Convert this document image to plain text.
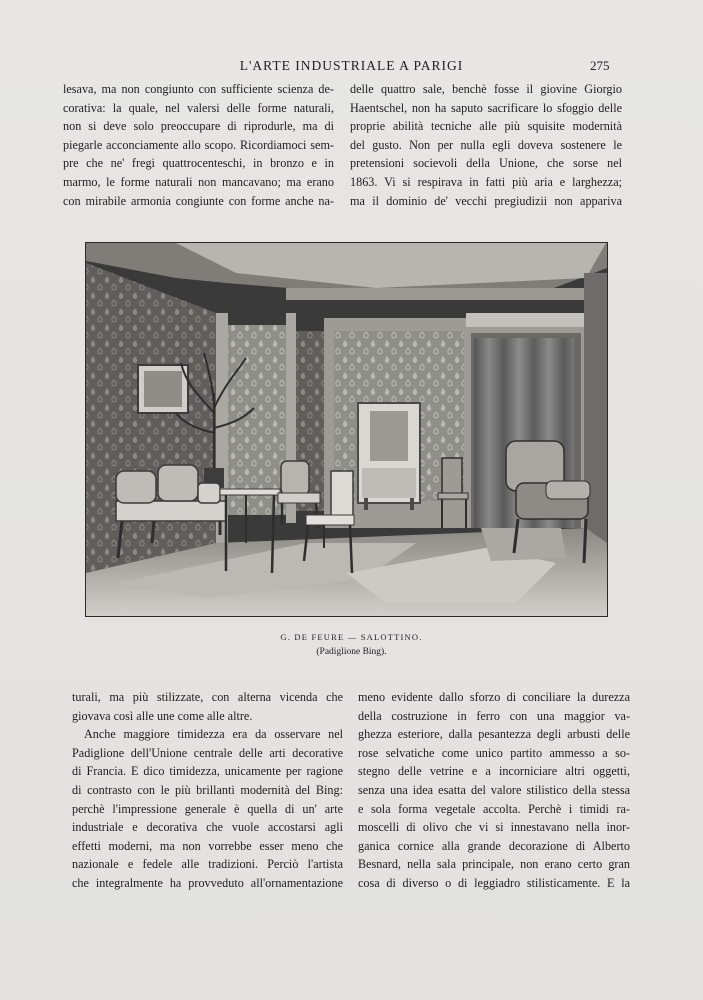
L'ARTE INDUSTRIALE A PARIGI	275

lesava, ma non congiunto con sufficiente scienza de-
corativa: la quale, nel valersi delle forme naturali,
non si deve solo preoccupare di riprodurle, ma di
piegarle acconciamente allo scopo. Ricordiamoci sem-
pre che ne' fregi quattrocenteschi, in bronzo e in
marmo, le forme naturali non mancavano; ma erano
con mirabile armonia congiunte con forme anche na-

delle quattro sale, benchè fosse il giovine Giorgio
Haentschel, non ha saputo sacrificare lo sfoggio delle
proprie abilità tecniche alle più squisite modernità
del gusto. Non per nulla egli doveva sostenere le
pretensioni socievoli della Unione, che sorse nel
1863. Vi si respirava in fatti più aria e larghezza;
ma il dominio de' vecchi pregiudizii non appariva

G. DE FEURE — SALOTTINO.
(Padiglione Bing).

turali, ma più stilizzate, con alterna vicenda che
giovava così alle une come alle altre.
Anche maggiore timidezza era da osservare nel
Padiglione dell'Unione centrale delle arti decorative
di Francia. E dico timidezza, unicamente per ragione
di contrasto con le più brillanti modernità del Bing:
perchè l'impressione generale è quella di un' arte
industriale e decorativa che vuole accostarsi agli
effetti moderni, ma non vorrebbe esser meno che
nazionale e fedele alle tradizioni. Perciò l'artista
che integralmente ha provveduto all'ornamentazione

meno evidente dallo sforzo di conciliare la durezza
della costruzione in ferro con una maggior va-
ghezza esteriore, dalla pesantezza degli arbusti delle
rose selvatiche come unico partito ammesso a so-
stegno delle vetrine e a incorniciare altri oggetti,
senza una idea esatta del valore stilistico della stessa
e sola forma vegetale accolta. Perchè i timidi ra-
moscelli di olivo che vi si innestavano nella inor-
ganica cornice alla grande decorazione di Alberto
Besnard, nella sala principale, non erano certo gran
cosa di diverso o di leggiadro stilisticamente. E la
